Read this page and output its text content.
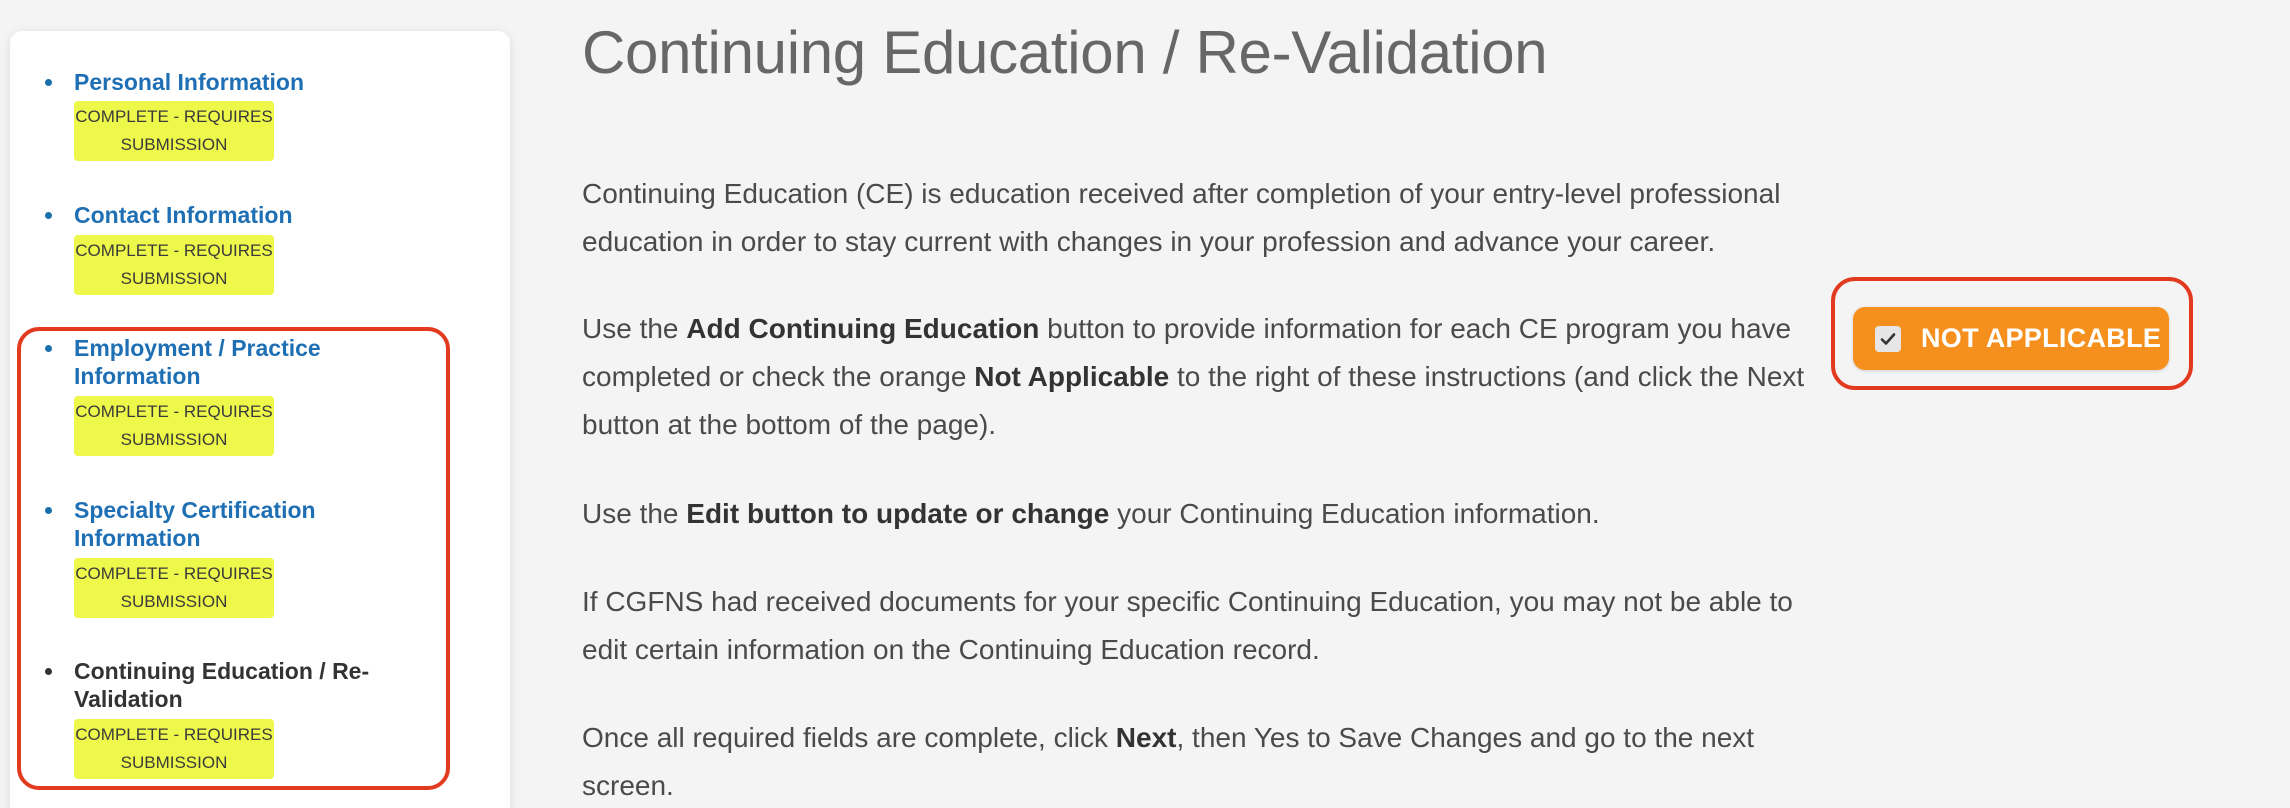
Personal Information
COMPLETE - REQUIRES
SUBMISSION
Contact Information
COMPLETE - REQUIRES
SUBMISSION
Employment / Practice Information
COMPLETE - REQUIRES
SUBMISSION
Specialty Certification Information
COMPLETE - REQUIRES
SUBMISSION
Continuing Education / Re-Validation
COMPLETE - REQUIRES
SUBMISSION
Continuing Education / Re-Validation

Continuing Education (CE) is education received after completion of your entry-level professional education in order to stay current with changes in your profession and advance your career.

Use the Add Continuing Education button to provide information for each CE program you have completed or check the orange Not Applicable to the right of these instructions (and click the Next button at the bottom of the page).

Use the Edit button to update or change your Continuing Education information.

If CGFNS had received documents for your specific Continuing Education, you may not be able to edit certain information on the Continuing Education record.

Once all required fields are complete, click Next, then Yes to Save Changes and go to the next screen.

NOT APPLICABLE
